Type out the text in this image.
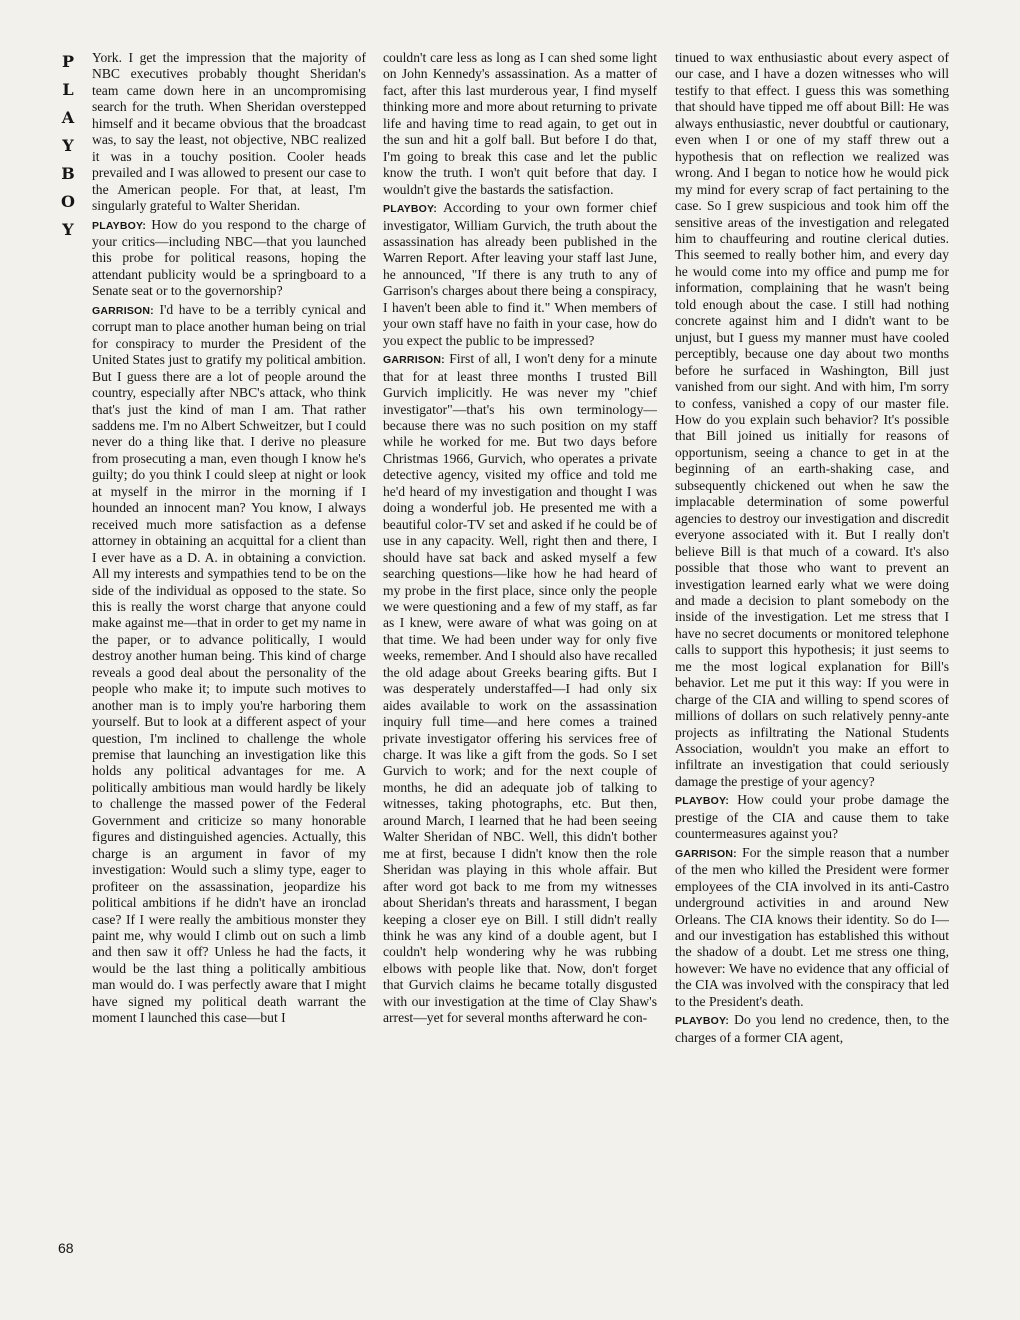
P
L
A
Y
B
O
Y

York. I get the impression that the majority of NBC executives probably thought Sheridan's team came down here in an uncompromising search for the truth. When Sheridan overstepped himself and it became obvious that the broadcast was, to say the least, not objective, NBC realized it was in a touchy position. Cooler heads prevailed and I was allowed to present our case to the American people. For that, at least, I'm singularly grateful to Walter Sheridan.

PLAYBOY: How do you respond to the charge of your critics—including NBC—that you launched this probe for political reasons, hoping the attendant publicity would be a springboard to a Senate seat or to the governorship?

GARRISON: I'd have to be a terribly cynical and corrupt man to place another human being on trial for conspiracy to murder the President of the United States just to gratify my political ambition. But I guess there are a lot of people around the country, especially after NBC's attack, who think that's just the kind of man I am. That rather saddens me. I'm no Albert Schweitzer, but I could never do a thing like that. I derive no pleasure from prosecuting a man, even though I know he's guilty; do you think I could sleep at night or look at myself in the mirror in the morning if I hounded an innocent man? You know, I always received much more satisfaction as a defense attorney in obtaining an acquittal for a client than I ever have as a D. A. in obtaining a conviction. All my interests and sympathies tend to be on the side of the individual as opposed to the state. So this is really the worst charge that anyone could make against me—that in order to get my name in the paper, or to advance politically, I would destroy another human being. This kind of charge reveals a good deal about the personality of the people who make it; to impute such motives to another man is to imply you're harboring them yourself. But to look at a different aspect of your question, I'm inclined to challenge the whole premise that launching an investigation like this holds any political advantages for me. A politically ambitious man would hardly be likely to challenge the massed power of the Federal Government and criticize so many honorable figures and distinguished agencies. Actually, this charge is an argument in favor of my investigation: Would such a slimy type, eager to profiteer on the assassination, jeopardize his political ambitions if he didn't have an ironclad case? If I were really the ambitious monster they paint me, why would I climb out on such a limb and then saw it off? Unless he had the facts, it would be the last thing a politically ambitious man would do. I was perfectly aware that I might have signed my political death warrant the moment I launched this case—but I

couldn't care less as long as I can shed some light on John Kennedy's assassination. As a matter of fact, after this last murderous year, I find myself thinking more and more about returning to private life and having time to read again, to get out in the sun and hit a golf ball. But before I do that, I'm going to break this case and let the public know the truth. I won't quit before that day. I wouldn't give the bastards the satisfaction.

PLAYBOY: According to your own former chief investigator, William Gurvich, the truth about the assassination has already been published in the Warren Report. After leaving your staff last June, he announced, "If there is any truth to any of Garrison's charges about there being a conspiracy, I haven't been able to find it." When members of your own staff have no faith in your case, how do you expect the public to be impressed?

GARRISON: First of all, I won't deny for a minute that for at least three months I trusted Bill Gurvich implicitly. He was never my "chief investigator"—that's his own terminology—because there was no such position on my staff while he worked for me. But two days before Christmas 1966, Gurvich, who operates a private detective agency, visited my office and told me he'd heard of my investigation and thought I was doing a wonderful job. He presented me with a beautiful color-TV set and asked if he could be of use in any capacity. Well, right then and there, I should have sat back and asked myself a few searching questions—like how he had heard of my probe in the first place, since only the people we were questioning and a few of my staff, as far as I knew, were aware of what was going on at that time. We had been under way for only five weeks, remember. And I should also have recalled the old adage about Greeks bearing gifts. But I was desperately understaffed—I had only six aides available to work on the assassination inquiry full time—and here comes a trained private investigator offering his services free of charge. It was like a gift from the gods. So I set Gurvich to work; and for the next couple of months, he did an adequate job of talking to witnesses, taking photographs, etc. But then, around March, I learned that he had been seeing Walter Sheridan of NBC. Well, this didn't bother me at first, because I didn't know then the role Sheridan was playing in this whole affair. But after word got back to me from my witnesses about Sheridan's threats and harassment, I began keeping a closer eye on Bill. I still didn't really think he was any kind of a double agent, but I couldn't help wondering why he was rubbing elbows with people like that. Now, don't forget that Gurvich claims he became totally disgusted with our investigation at the time of Clay Shaw's arrest—yet for several months afterward he con-

tinued to wax enthusiastic about every aspect of our case, and I have a dozen witnesses who will testify to that effect. I guess this was something that should have tipped me off about Bill: He was always enthusiastic, never doubtful or cautionary, even when I or one of my staff threw out a hypothesis that on reflection we realized was wrong. And I began to notice how he would pick my mind for every scrap of fact pertaining to the case. So I grew suspicious and took him off the sensitive areas of the investigation and relegated him to chauffeuring and routine clerical duties. This seemed to really bother him, and every day he would come into my office and pump me for information, complaining that he wasn't being told enough about the case. I still had nothing concrete against him and I didn't want to be unjust, but I guess my manner must have cooled perceptibly, because one day about two months before he surfaced in Washington, Bill just vanished from our sight. And with him, I'm sorry to confess, vanished a copy of our master file. How do you explain such behavior? It's possible that Bill joined us initially for reasons of opportunism, seeing a chance to get in at the beginning of an earth-shaking case, and subsequently chickened out when he saw the implacable determination of some powerful agencies to destroy our investigation and discredit everyone associated with it. But I really don't believe Bill is that much of a coward. It's also possible that those who want to prevent an investigation learned early what we were doing and made a decision to plant somebody on the inside of the investigation. Let me stress that I have no secret documents or monitored telephone calls to support this hypothesis; it just seems to me the most logical explanation for Bill's behavior. Let me put it this way: If you were in charge of the CIA and willing to spend scores of millions of dollars on such relatively penny-ante projects as infiltrating the National Students Association, wouldn't you make an effort to infiltrate an investigation that could seriously damage the prestige of your agency?

PLAYBOY: How could your probe damage the prestige of the CIA and cause them to take countermeasures against you?

GARRISON: For the simple reason that a number of the men who killed the President were former employees of the CIA involved in its anti-Castro underground activities in and around New Orleans. The CIA knows their identity. So do I—and our investigation has established this without the shadow of a doubt. Let me stress one thing, however: We have no evidence that any official of the CIA was involved with the conspiracy that led to the President's death.

PLAYBOY: Do you lend no credence, then, to the charges of a former CIA agent,

68
